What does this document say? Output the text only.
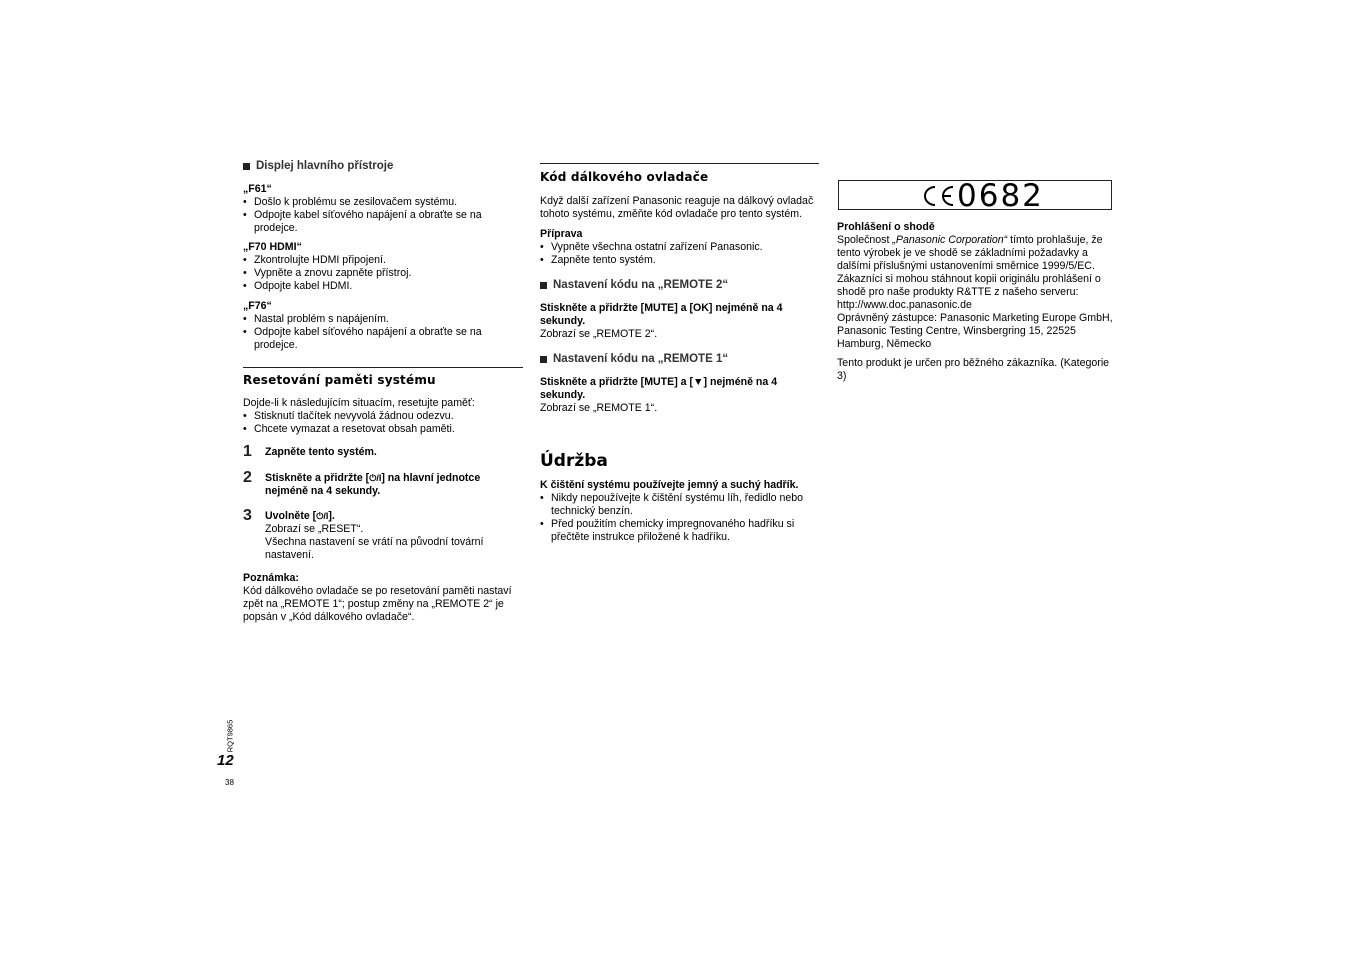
Displej hlavního přístroje

„F61“

• Došlo k problému se zesilovačem systému.
• Odpojte kabel síťového napájení a obraťte se na prodejce.

„F70 HDMI“

• Zkontrolujte HDMI připojení.
• Vypněte a znovu zapněte přístroj.
• Odpojte kabel HDMI.

„F76“

• Nastal problém s napájením.
• Odpojte kabel síťového napájení a obraťte se na prodejce.

Resetování paměti systému

Dojde-li k následujícím situacím, resetujte paměť:

• Stisknutí tlačítek nevyvolá žádnou odezvu.
• Chcete vymazat a resetovat obsah paměti.
1	Zapněte tento systém.

2	Stiskněte a přidržte [⏻/I] na hlavní jednotce nejméně na 4 sekundy.

3	Uvolněte [⏻/I].

Zobrazí se „RESET“.

Všechna nastavení se vrátí na původní tovární nastavení.

Poznámka:

Kód dálkového ovladače se po resetování paměti nastaví zpět na „REMOTE 1“; postup změny na „REMOTE 2“ je popsán v „Kód dálkového ovladače“.

Kód dálkového ovladače

Když další zařízení Panasonic reaguje na dálkový ovladač tohoto systému, změňte kód ovladače pro tento systém.

Příprava

• Vypněte všechna ostatní zařízení Panasonic.
• Zapněte tento systém.

Nastavení kódu na „REMOTE 2“

Stiskněte a přidržte [MUTE] a [OK] nejméně na 4 sekundy.

Zobrazí se „REMOTE 2“.

Nastavení kódu na „REMOTE 1“

Stiskněte a přidržte [MUTE] a [▼] nejméně na 4 sekundy.

Zobrazí se „REMOTE 1“.

Údržba

K čištění systému používejte jemný a suchý hadřík.

• Nikdy nepoužívejte k čištění systému líh, ředidlo nebo technický benzín.
• Před použitím chemicky impregnovaného hadříku si přečtěte instrukce přiložené k hadříku.
0682

Prohlášení o shodě

Společnost „Panasonic Corporation“ tímto prohlašuje, že tento výrobek je ve shodě se základními požadavky a dalšími příslušnými ustanoveními směrnice 1999/5/EC.

Zákazníci si mohou stáhnout kopii originálu prohlášení o shodě pro naše produkty R&TTE z našeho serveru:

http://www.doc.panasonic.de

Oprávněný zástupce: Panasonic Marketing Europe GmbH,

Panasonic Testing Centre, Winsbergring 15, 22525 Hamburg, Německo

Tento produkt je určen pro běžného zákazníka. (Kategorie 3)

RQT9865
12
38
